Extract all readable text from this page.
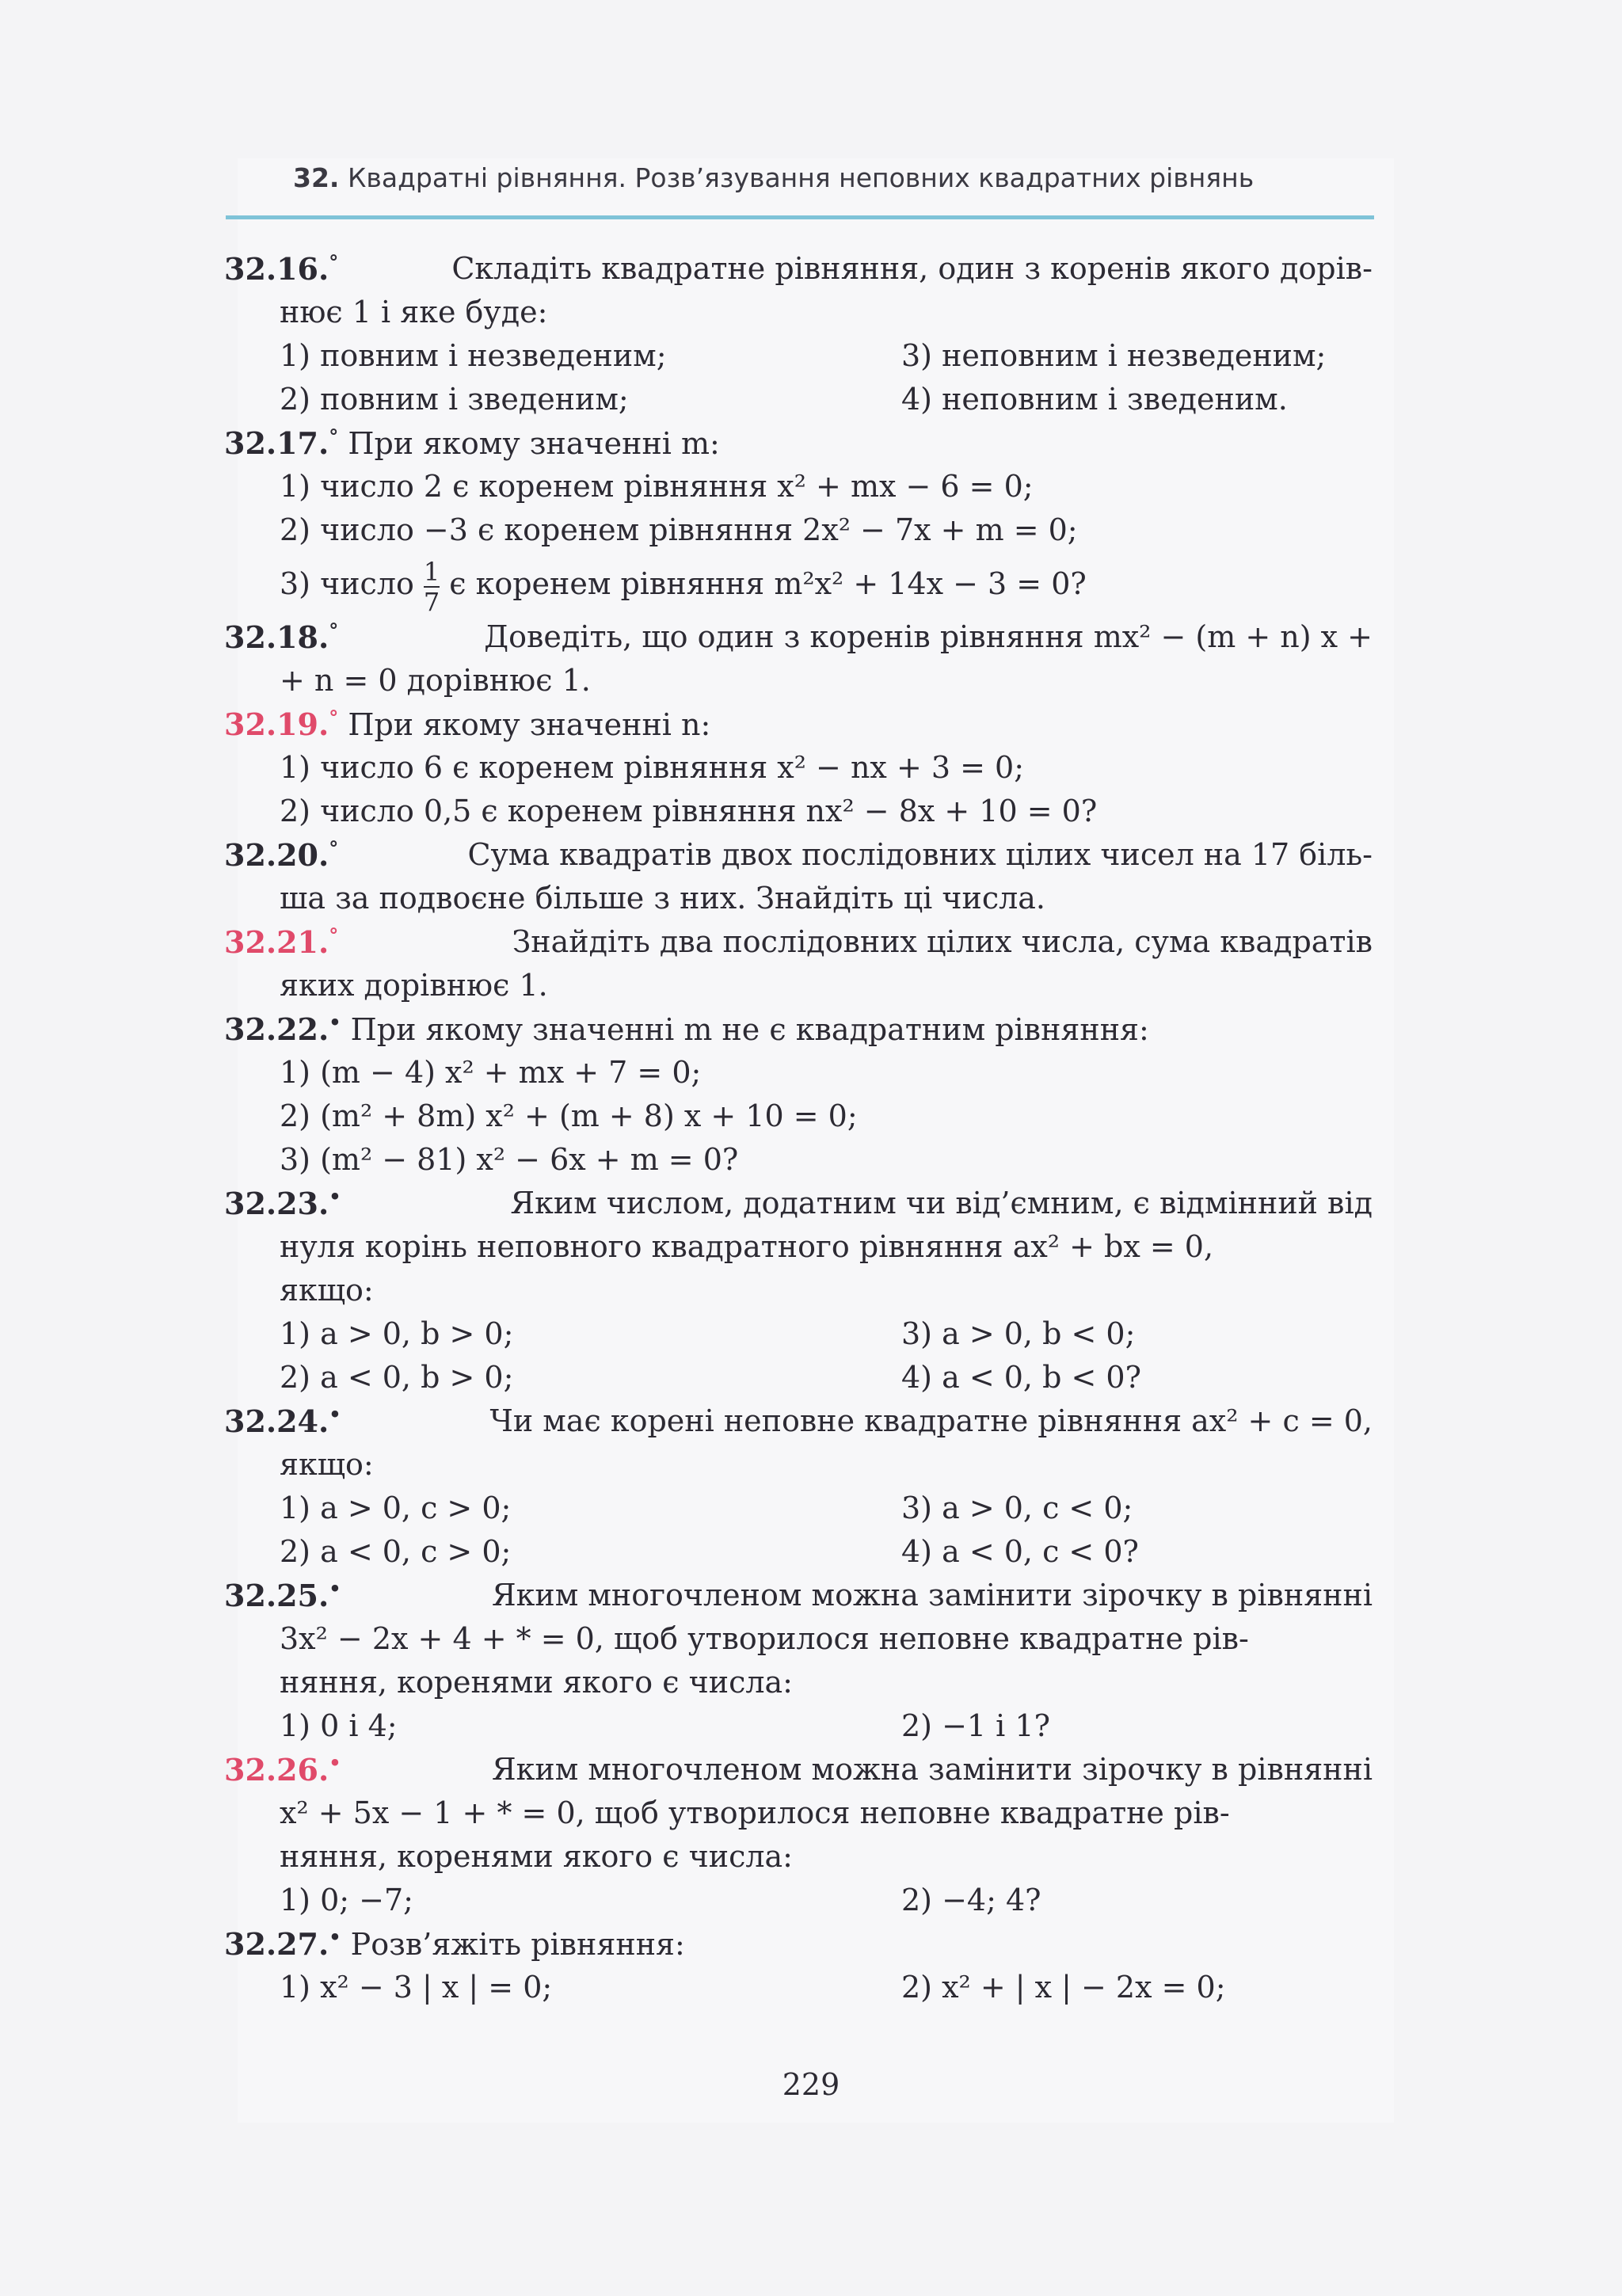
32. Квадратні рівняння. Розв’язування неповних квадратних рівнянь
32.16.°	Складіть квадратне рівняння, один з коренів якого дорів-
нює 1 і яке буде:
1) повним і незведеним;	3) неповним і незведеним;
2) повним і зведеним;	4) неповним і зведеним.
32.17.° При якому значенні m:
1) число 2 є коренем рівняння x² + mx − 6 = 0;
2) число −3 є коренем рівняння 2x² − 7x + m = 0;
3) число $\frac{1}{7}$ є коренем рівняння m²x² + 14x − 3 = 0?
32.18.°	Доведіть, що один з коренів рівняння mx² − (m + n) x +
+ n = 0 дорівнює 1.
32.19.° При якому значенні n:
1) число 6 є коренем рівняння x² − nx + 3 = 0;
2) число 0,5 є коренем рівняння nx² − 8x + 10 = 0?
32.20.°	Сума квадратів двох послідовних цілих чисел на 17 біль-
ша за подвоєне більше з них. Знайдіть ці числа.
32.21.°	Знайдіть два послідовних цілих числа, сума квадратів
яких дорівнює 1.
32.22.• При якому значенні m не є квадратним рівняння:
1) (m − 4) x² + mx + 7 = 0;
2) (m² + 8m) x² + (m + 8) x + 10 = 0;
3) (m² − 81) x² − 6x + m = 0?
32.23.•	Яким числом, додатним чи від’ємним, є відмінний від
нуля корінь неповного квадратного рівняння ax² + bx = 0,
якщо:
1) a > 0, b > 0;	3) a > 0, b < 0;
2) a < 0, b > 0;	4) a < 0, b < 0?
32.24.•	Чи має корені неповне квадратне рівняння ax² + c = 0,
якщо:
1) a > 0, c > 0;	3) a > 0, c < 0;
2) a < 0, c > 0;	4) a < 0, c < 0?
32.25.•	Яким многочленом можна замінити зірочку в рівнянні
3x² − 2x + 4 + * = 0, щоб утворилося неповне квадратне рів-
няння, коренями якого є числа:
1) 0 і 4;	2) −1 і 1?
32.26.•	Яким многочленом можна замінити зірочку в рівнянні
x² + 5x − 1 + * = 0, щоб утворилося неповне квадратне рів-
няння, коренями якого є числа:
1) 0; −7;	2) −4; 4?
32.27.• Розв’яжіть рівняння:
1) x² − 3 | x | = 0;	2) x² + | x | − 2x = 0;
229
